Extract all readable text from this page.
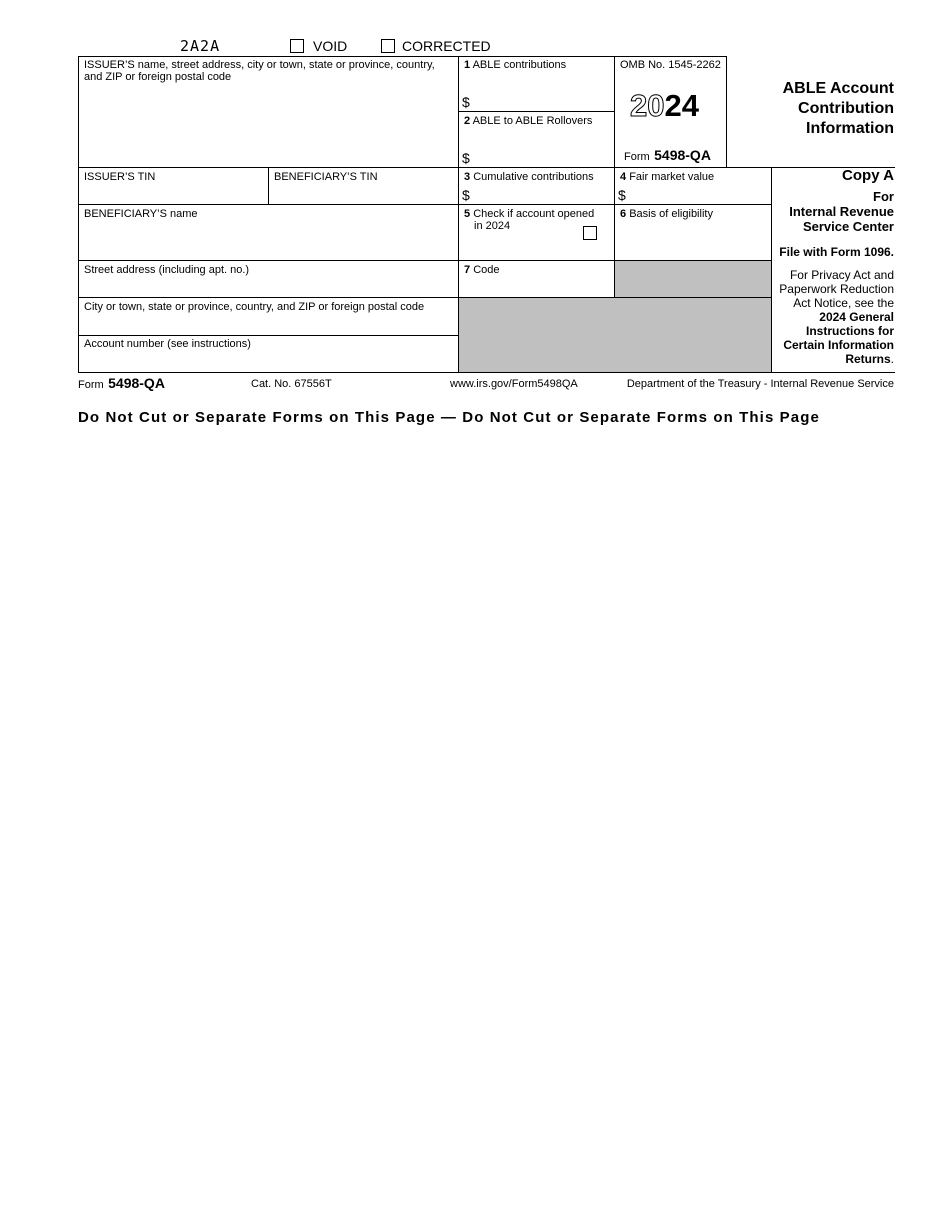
2A2A	VOID	CORRECTED
ISSUER’S name, street address, city or town, state or province, country, and ZIP or foreign postal code
ISSUER’S TIN	BENEFICIARY’S TIN
BENEFICIARY’S name
Street address (including apt. no.)
City or town, state or province, country, and ZIP or foreign postal code
Account number (see instructions)
1 ABLE contributions
$
2 ABLE to ABLE Rollovers
$
OMB No. 1545-2262
2024
Form 5498-QA
ABLE Account
Contribution
Information
3 Cumulative contributions
$
4 Fair market value
$
5 Check if account opened
in 2024
6 Basis of eligibility
7 Code
Copy A
For
Internal Revenue
Service Center
File with Form 1096.
For Privacy Act and
Paperwork Reduction
Act Notice, see the
2024 General
Instructions for
Certain Information
Returns.
Form 5498-QA	Cat. No. 67556T	www.irs.gov/Form5498QA	Department of the Treasury - Internal Revenue Service
Do Not Cut or Separate Forms on This Page — Do Not Cut or Separate Forms on This Page
